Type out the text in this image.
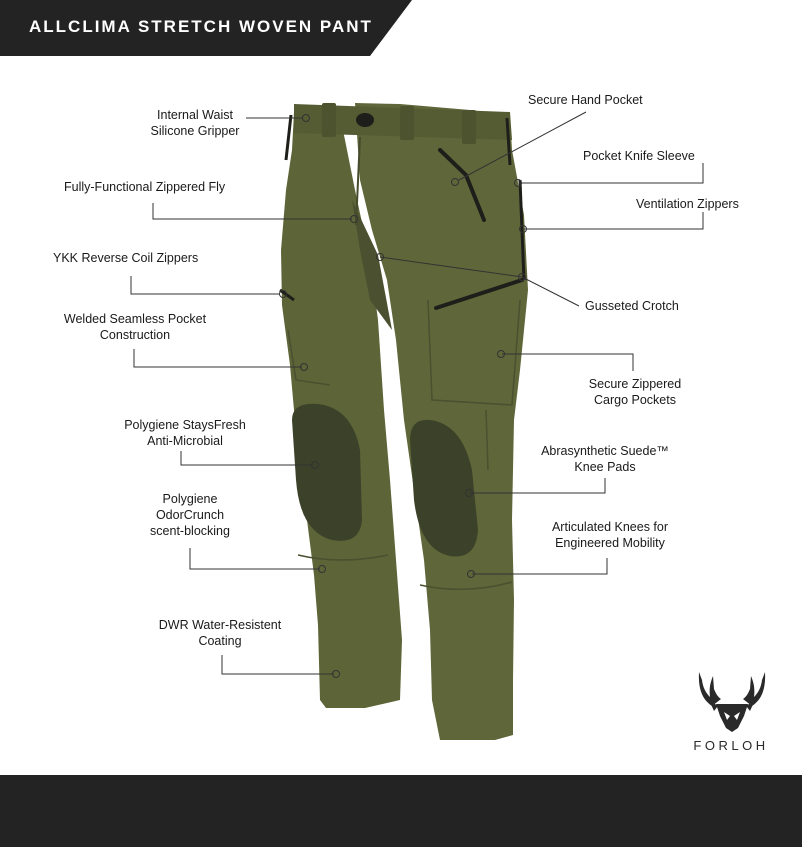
ALLCLIMA STRETCH WOVEN PANT
Internal Waist
Silicone Gripper
Fully-Functional Zippered Fly
YKK Reverse Coil Zippers
Welded Seamless Pocket
Construction
Polygiene StaysFresh
Anti-Microbial
Polygiene
OdorCrunch
scent-blocking
DWR Water-Resistent
Coating
Secure Hand Pocket
Pocket Knife Sleeve
Ventilation Zippers
Gusseted Crotch
Secure Zippered
Cargo Pockets
Abrasynthetic Suede™
Knee Pads
Articulated Knees for
Engineered Mobility
FORLOH
